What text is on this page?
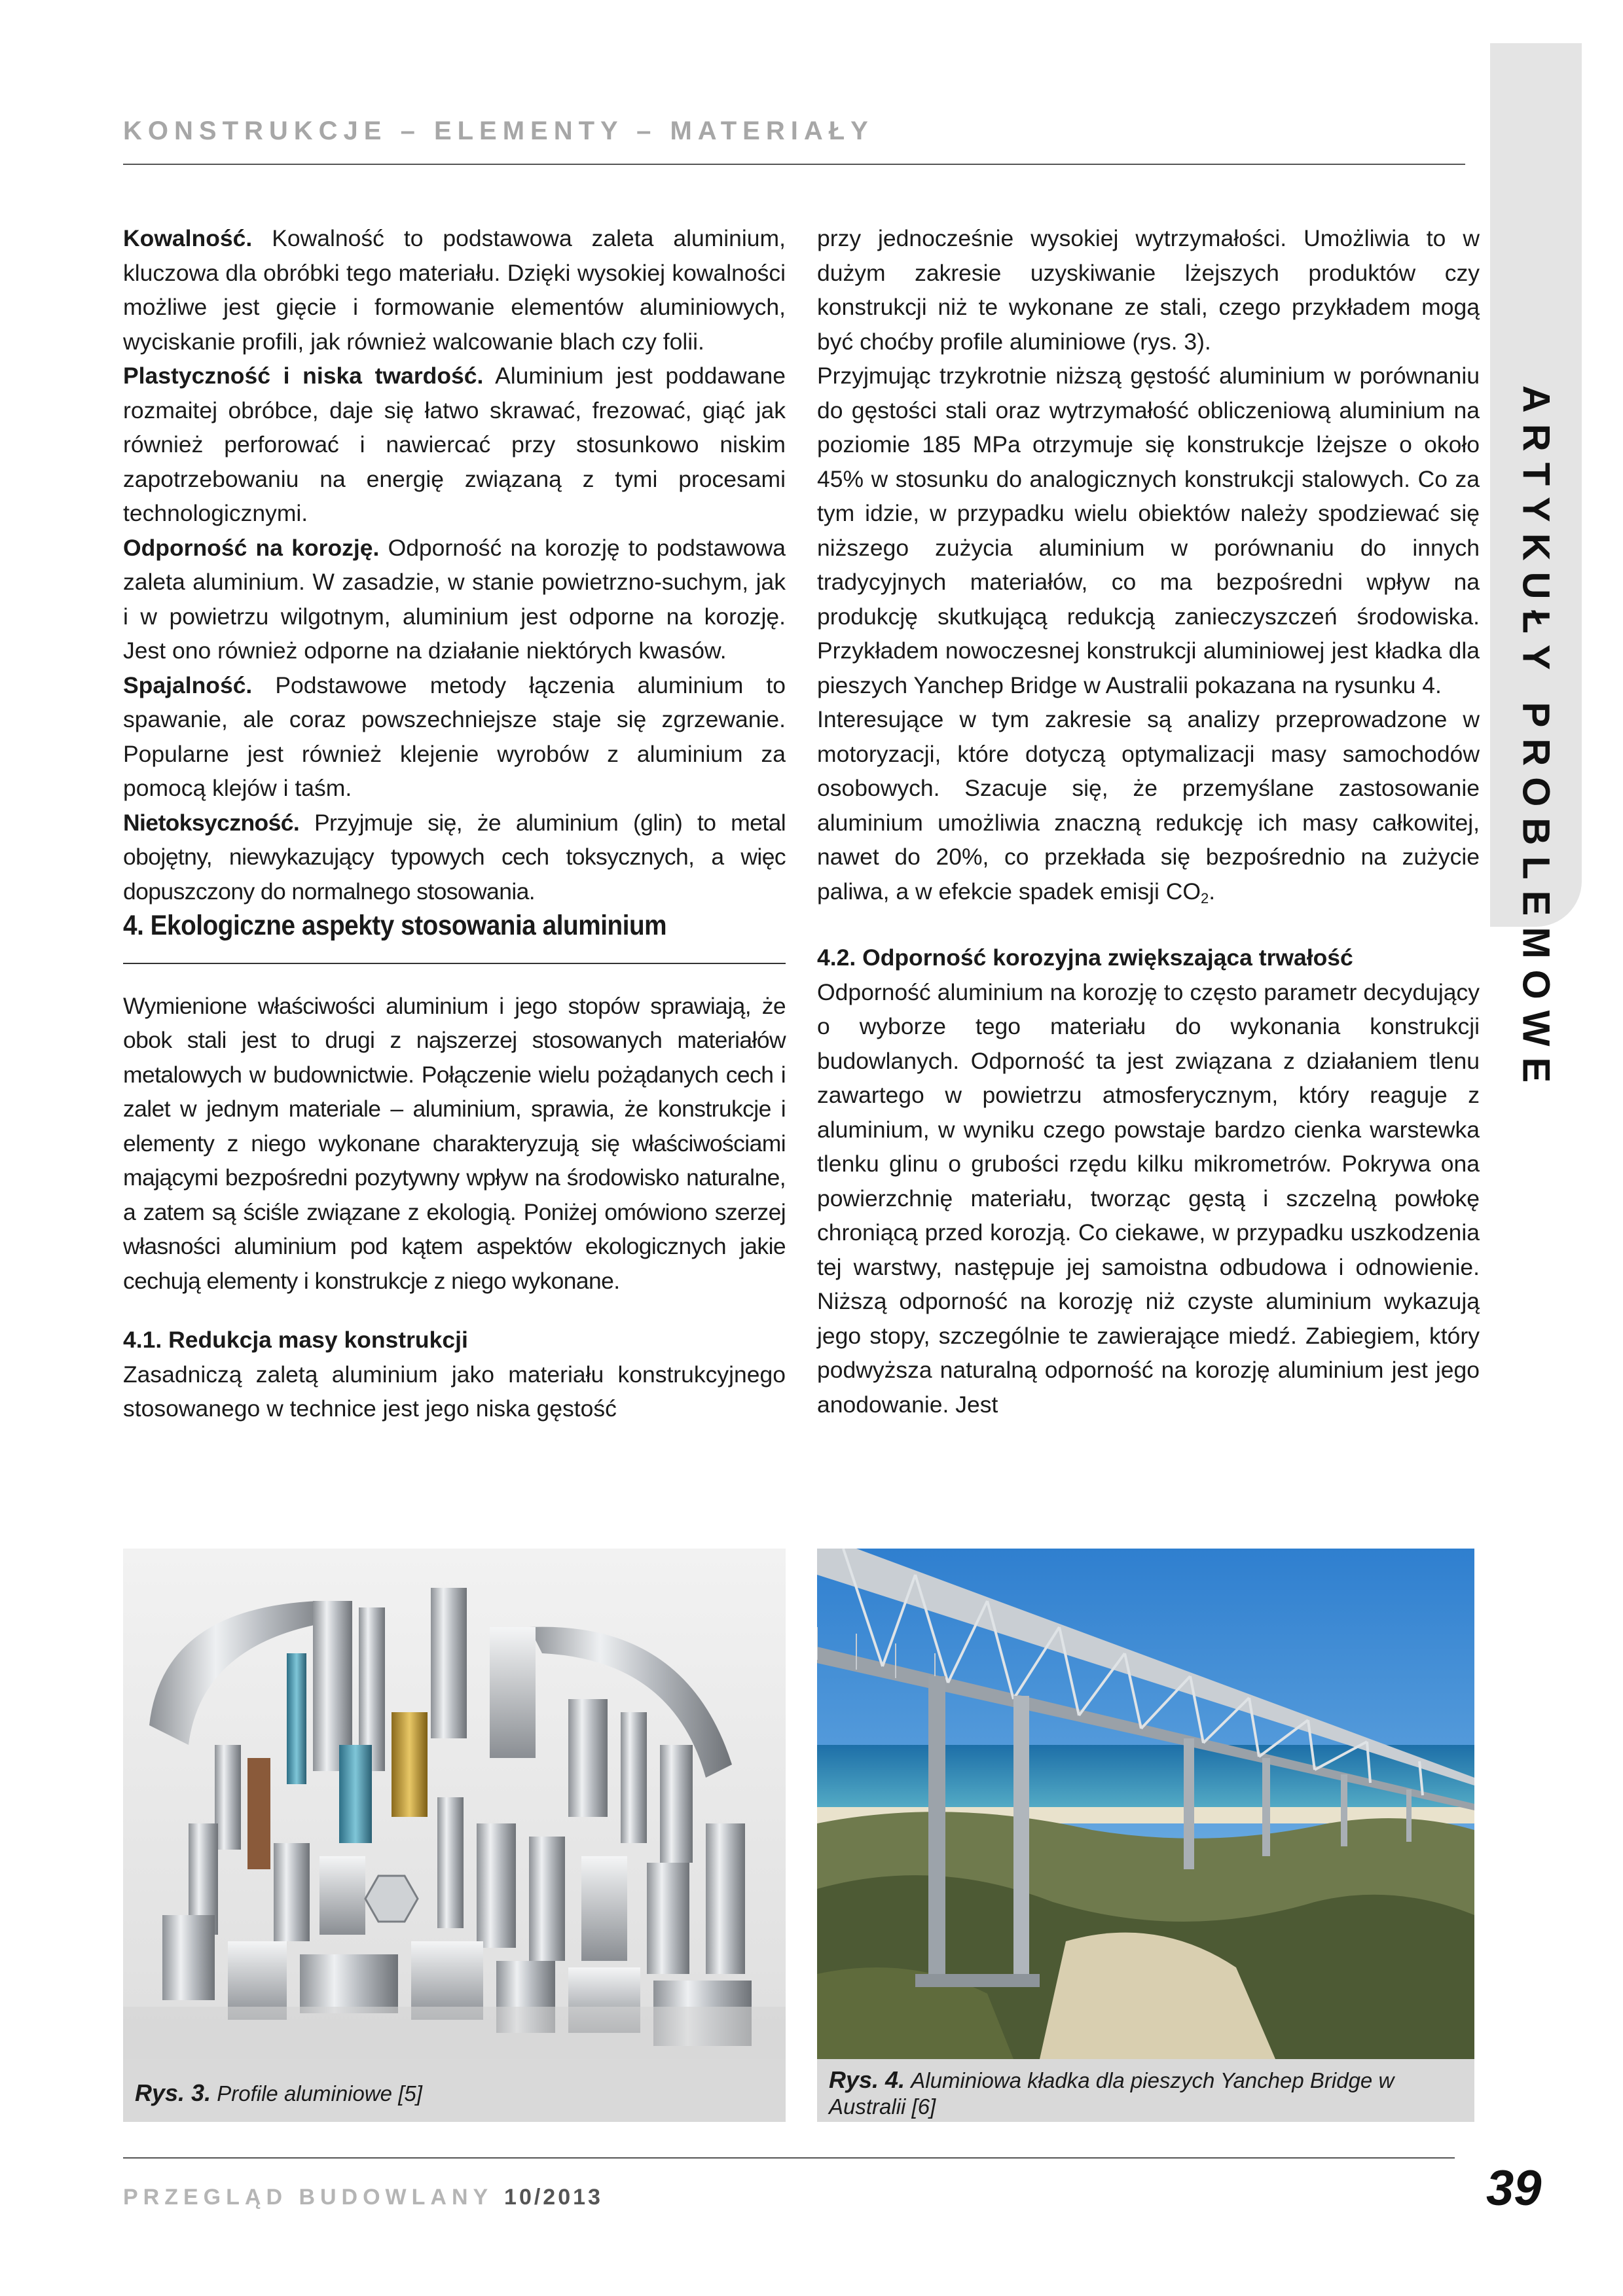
ARTYKUŁY PROBLEMOWE
KONSTRUKCJE – ELEMENTY – MATERIAŁY

Kowalność. Kowalność to podstawowa zaleta aluminium, kluczowa dla obróbki tego materiału. Dzięki wysokiej kowalności możliwe jest gięcie i formowanie elementów aluminiowych, wyciskanie profili, jak również walcowanie blach czy folii.

Plastyczność i niska twardość. Aluminium jest poddawane rozmaitej obróbce, daje się łatwo skrawać, frezować, giąć jak również perforować i nawiercać przy stosunkowo niskim zapotrzebowaniu na energię związaną z tymi procesami technologicznymi.

Odporność na korozję. Odporność na korozję to podstawowa zaleta aluminium. W zasadzie, w stanie powietrzno-suchym, jak i w powietrzu wilgotnym, aluminium jest odporne na korozję. Jest ono również odporne na działanie niektórych kwasów.

Spajalność. Podstawowe metody łączenia aluminium to spawanie, ale coraz powszechniejsze staje się zgrzewanie. Popularne jest również klejenie wyrobów z aluminium za pomocą klejów i taśm.

Nietoksyczność. Przyjmuje się, że aluminium (glin) to metal obojętny, niewykazujący typowych cech toksycznych, a więc dopuszczony do normalnego stosowania.

4. Ekologiczne aspekty stosowania aluminium

Wymienione właściwości aluminium i jego stopów sprawiają, że obok stali jest to drugi z najszerzej stosowanych materiałów metalowych w budownictwie. Połączenie wielu pożądanych cech i zalet w jednym materiale – aluminium, sprawia, że konstrukcje i elementy z niego wykonane charakteryzują się właściwościami mającymi bezpośredni pozytywny wpływ na środowisko naturalne, a zatem są ściśle związane z ekologią. Poniżej omówiono szerzej własności aluminium pod kątem aspektów ekologicznych jakie cechują elementy i konstrukcje z niego wykonane.

4.1. Redukcja masy konstrukcji

Zasadniczą zaletą aluminium jako materiału konstrukcyjnego stosowanego w technice jest jego niska gęstość

przy jednocześnie wysokiej wytrzymałości. Umożliwia to w dużym zakresie uzyskiwanie lżejszych produktów czy konstrukcji niż te wykonane ze stali, czego przykładem mogą być choćby profile aluminiowe (rys. 3).

Przyjmując trzykrotnie niższą gęstość aluminium w porównaniu do gęstości stali oraz wytrzymałość obliczeniową aluminium na poziomie 185 MPa otrzymuje się konstrukcje lżejsze o około 45% w stosunku do analogicznych konstrukcji stalowych. Co za tym idzie, w przypadku wielu obiektów należy spodziewać się niższego zużycia aluminium w porównaniu do innych tradycyjnych materiałów, co ma bezpośredni wpływ na produkcję skutkującą redukcją zanieczyszczeń środowiska. Przykładem nowoczesnej konstrukcji aluminiowej jest kładka dla pieszych Yanchep Bridge w Australii pokazana na rysunku 4.

Interesujące w tym zakresie są analizy przeprowadzone w motoryzacji, które dotyczą optymalizacji masy samochodów osobowych. Szacuje się, że przemyślane zastosowanie aluminium umożliwia znaczną redukcję ich masy całkowitej, nawet do 20%, co przekłada się bezpośrednio na zużycie paliwa, a w efekcie spadek emisji $CO_2$.

4.2. Odporność korozyjna zwiększająca trwałość

Odporność aluminium na korozję to często parametr decydujący o wyborze tego materiału do wykonania konstrukcji budowlanych. Odporność ta jest związana z działaniem tlenu zawartego w powietrzu atmosferycznym, który reaguje z aluminium, w wyniku czego powstaje bardzo cienka warstewka tlenku glinu o grubości rzędu kilku mikrometrów. Pokrywa ona powierzchnię materiału, tworząc gęstą i szczelną powłokę chroniącą przed korozją. Co ciekawe, w przypadku uszkodzenia tej warstwy, następuje jej samoistna odbudowa i odnowienie. Niższą odporność na korozję niż czyste aluminium wykazują jego stopy, szczególnie te zawierające miedź. Zabiegiem, który podwyższa naturalną odporność na korozję aluminium jest jego anodowanie. Jest

Rys. 3. Profile aluminiowe [5]
Rys. 4. Aluminiowa kładka dla pieszych Yanchep Bridge w Australii [6]
PRZEGLĄD BUDOWLANY 10/2013	39
